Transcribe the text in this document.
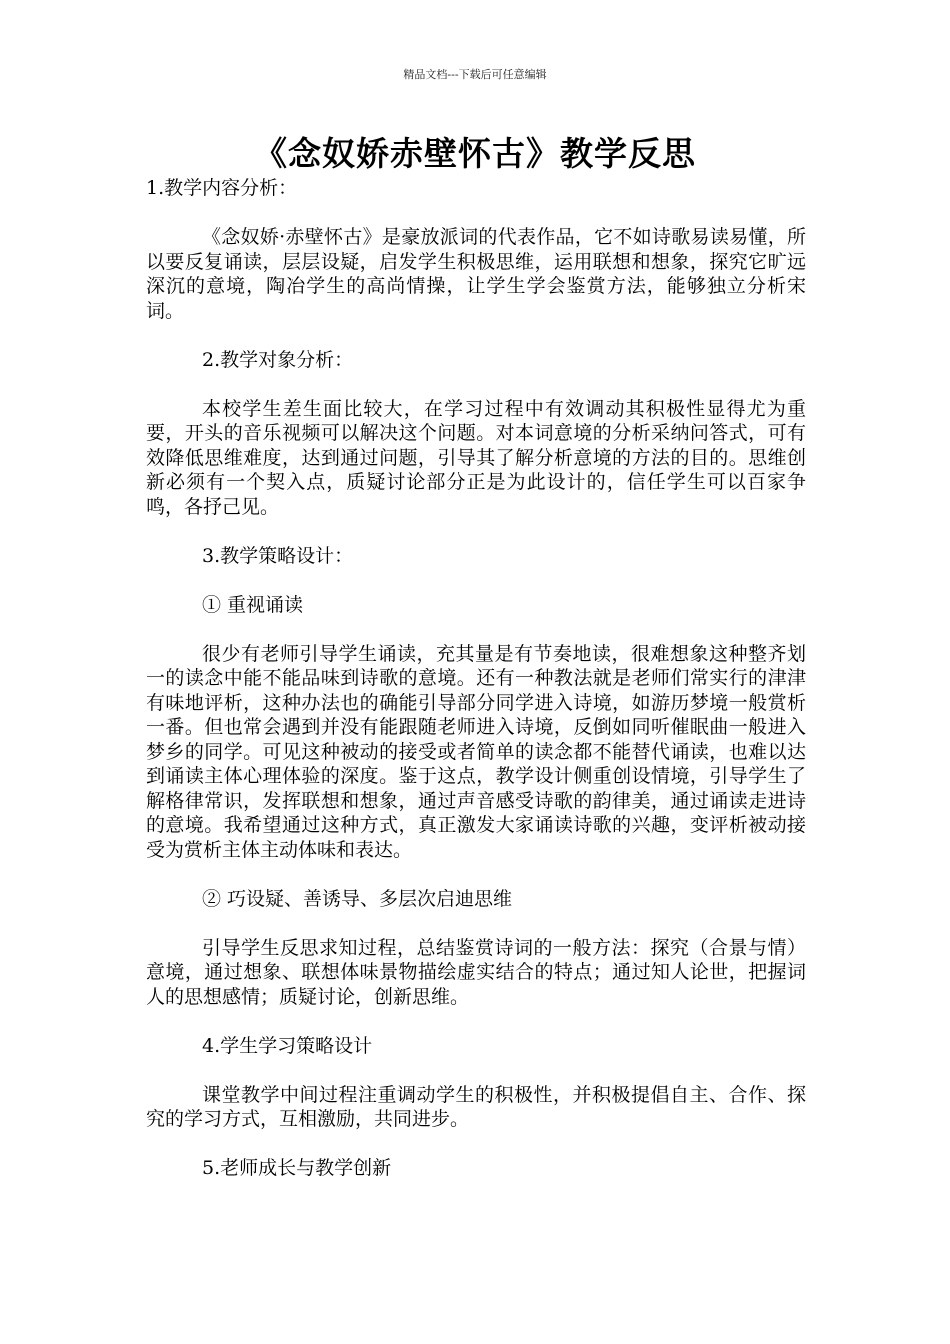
精品文档---下载后可任意编辑
《念奴娇赤壁怀古》教学反思

1.教学内容分析：

《念奴娇·赤壁怀古》是豪放派词的代表作品，它不如诗歌易读易懂，所以要反复诵读，层层设疑，启发学生积极思维，运用联想和想象，探究它旷远深沉的意境，陶冶学生的高尚情操，让学生学会鉴赏方法，能够独立分析宋词。

2.教学对象分析：

本校学生差生面比较大，在学习过程中有效调动其积极性显得尤为重要，开头的音乐视频可以解决这个问题。对本词意境的分析采纳问答式，可有效降低思维难度，达到通过问题，引导其了解分析意境的方法的目的。思维创新必须有一个契入点，质疑讨论部分正是为此设计的，信任学生可以百家争鸣，各抒己见。

3.教学策略设计：

① 重视诵读

很少有老师引导学生诵读，充其量是有节奏地读，很难想象这种整齐划一的读念中能不能品味到诗歌的意境。还有一种教法就是老师们常实行的津津有味地评析，这种办法也的确能引导部分同学进入诗境，如游历梦境一般赏析一番。但也常会遇到并没有能跟随老师进入诗境，反倒如同听催眠曲一般进入梦乡的同学。可见这种被动的接受或者简单的读念都不能替代诵读，也难以达到诵读主体心理体验的深度。鉴于这点，教学设计侧重创设情境，引导学生了解格律常识，发挥联想和想象，通过声音感受诗歌的韵律美，通过诵读走进诗的意境。我希望通过这种方式，真正激发大家诵读诗歌的兴趣，变评析被动接受为赏析主体主动体味和表达。

② 巧设疑、善诱导、多层次启迪思维

引导学生反思求知过程，总结鉴赏诗词的一般方法：探究（合景与情）意境，通过想象、联想体味景物描绘虚实结合的特点；通过知人论世，把握词人的思想感情；质疑讨论，创新思维。

4.学生学习策略设计

课堂教学中间过程注重调动学生的积极性，并积极提倡自主、合作、探究的学习方式，互相激励，共同进步。

5.老师成长与教学创新
